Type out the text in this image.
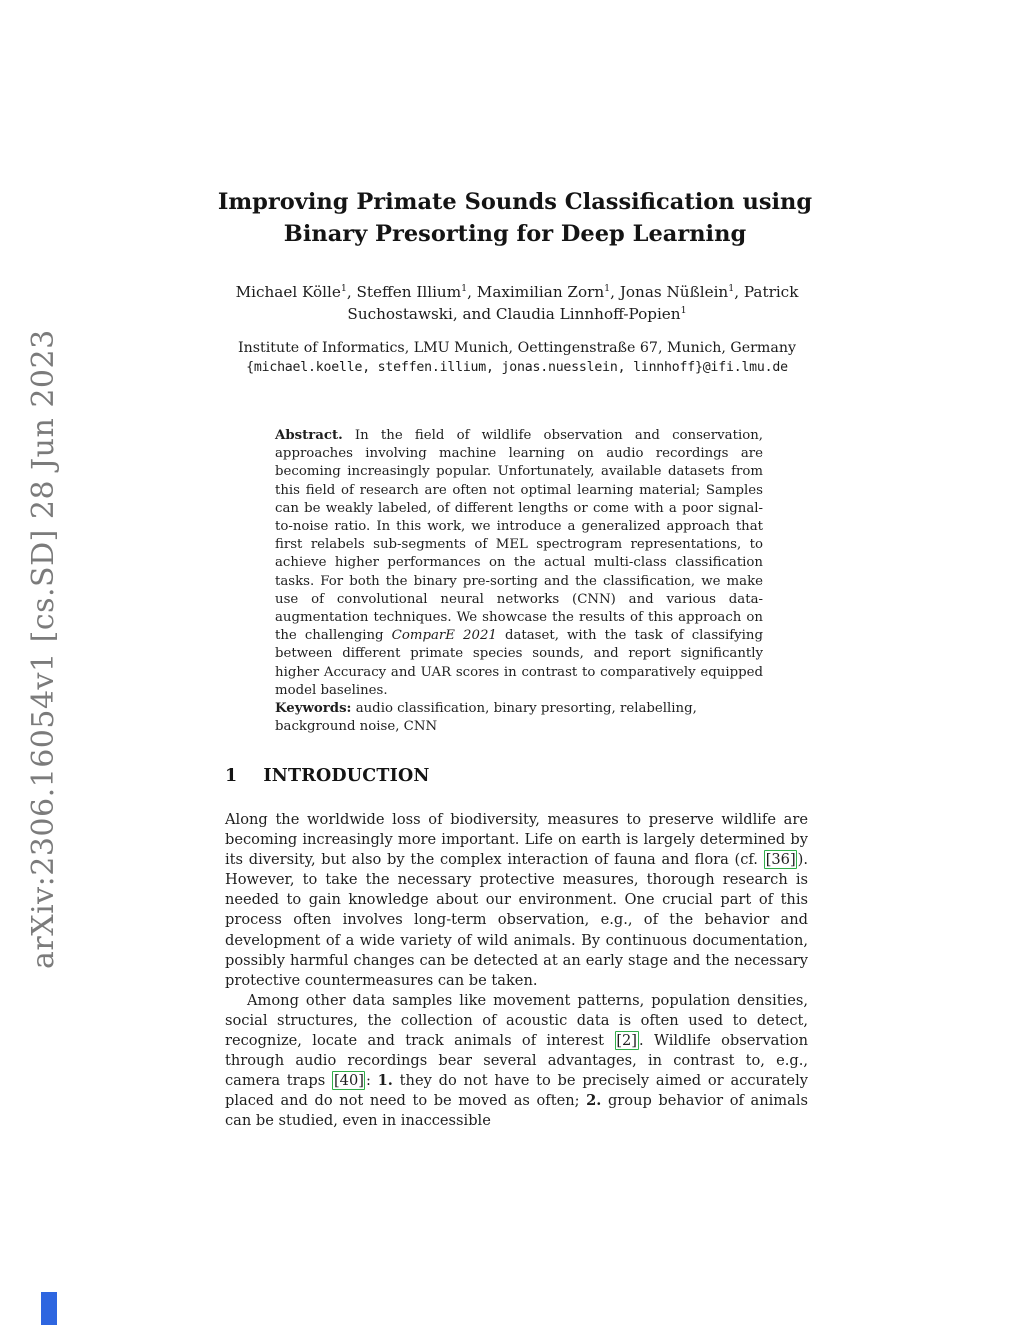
arXiv:2306.16054v1 [cs.SD] 28 Jun 2023
Improving Primate Sounds Classification using
Binary Presorting for Deep Learning
Michael Kölle$^1$, Steffen Illium$^1$, Maximilian Zorn$^1$, Jonas Nüßlein$^1$, Patrick
Suchostawski, and Claudia Linnhoff-Popien$^1$
Institute of Informatics, LMU Munich, Oettingenstraße 67, Munich, Germany
{michael.koelle, steffen.illium, jonas.nuesslein, linnhoff}@ifi.lmu.de

Abstract. In the field of wildlife observation and conservation, approaches involving machine learning on audio recordings are becoming increasingly popular. Unfortunately, available datasets from this field of research are often not optimal learning material; Samples can be weakly labeled, of different lengths or come with a poor signal-to-noise ratio. In this work, we introduce a generalized approach that first relabels sub-segments of MEL spectrogram representations, to achieve higher performances on the actual multi-class classification tasks. For both the binary pre-sorting and the classification, we make use of convolutional neural networks (CNN) and various data-augmentation techniques. We showcase the results of this approach on the challenging ComparE 2021 dataset, with the task of classifying between different primate species sounds, and report significantly higher Accuracy and UAR scores in contrast to comparatively equipped model baselines.

Keywords: audio classification, binary presorting, relabelling, background noise, CNN

1 INTRODUCTION

Along the worldwide loss of biodiversity, measures to preserve wildlife are becoming increasingly more important. Life on earth is largely determined by its diversity, but also by the complex interaction of fauna and flora (cf. [36] ). However, to take the necessary protective measures, thorough research is needed to gain knowledge about our environment. One crucial part of this process often involves long-term observation, e.g., of the behavior and development of a wide variety of wild animals. By continuous documentation, possibly harmful changes can be detected at an early stage and the necessary protective countermeasures can be taken.

Among other data samples like movement patterns, population densities, social structures, the collection of acoustic data is often used to detect, recognize, locate and track animals of interest [2] . Wildlife observation through audio recordings bear several advantages, in contrast to, e.g., camera traps [40] : 1. they do not have to be precisely aimed or accurately placed and do not need to be moved as often; 2. group behavior of animals can be studied, even in inaccessible
